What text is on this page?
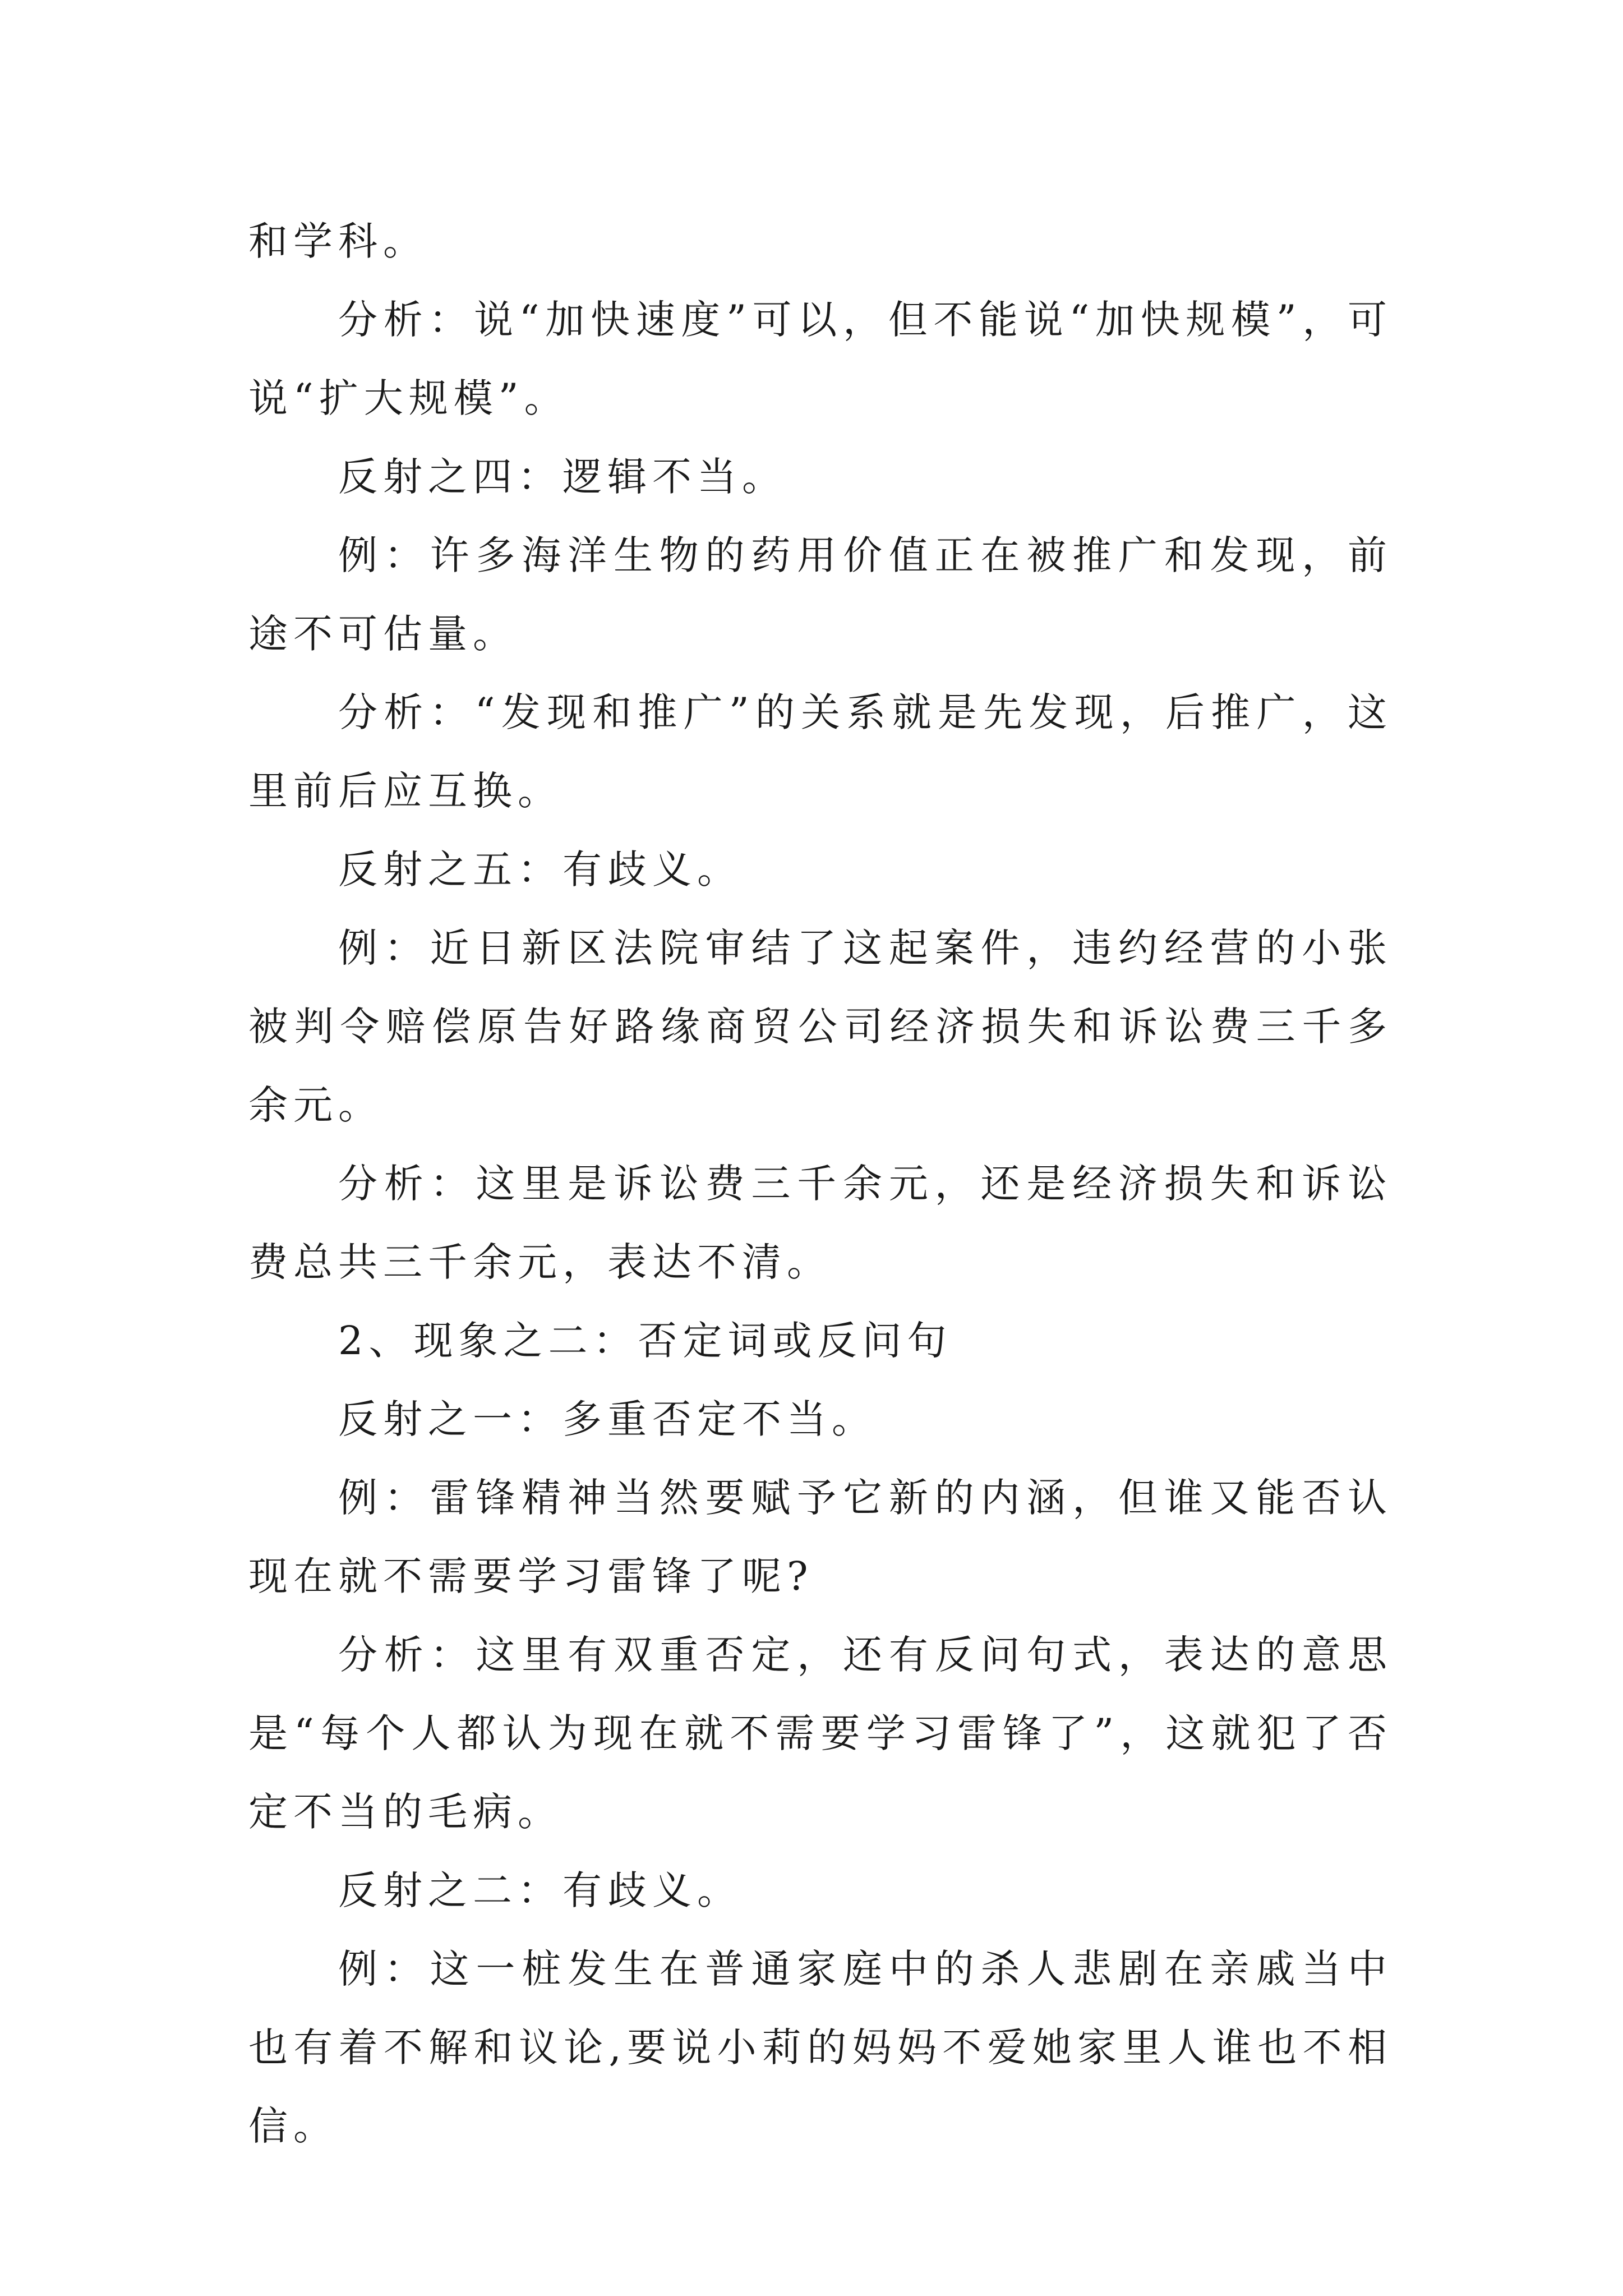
和学科。

分析：说“加快速度”可以，但不能说“加快规模”，可说“扩大规模”。

反射之四：逻辑不当。

例：许多海洋生物的药用价值正在被推广和发现，前途不可估量。

分析：“发现和推广”的关系就是先发现，后推广，这里前后应互换。

反射之五：有歧义。

例：近日新区法院审结了这起案件，违约经营的小张被判令赔偿原告好路缘商贸公司经济损失和诉讼费三千多余元。

分析：这里是诉讼费三千余元，还是经济损失和诉讼费总共三千余元，表达不清。

2、现象之二：否定词或反问句

反射之一：多重否定不当。

例：雷锋精神当然要赋予它新的内涵，但谁又能否认现在就不需要学习雷锋了呢?

分析：这里有双重否定，还有反问句式，表达的意思是“每个人都认为现在就不需要学习雷锋了”，这就犯了否定不当的毛病。

反射之二：有歧义。

例：这一桩发生在普通家庭中的杀人悲剧在亲戚当中也有着不解和议论,要说小莉的妈妈不爱她家里人谁也不相信。
